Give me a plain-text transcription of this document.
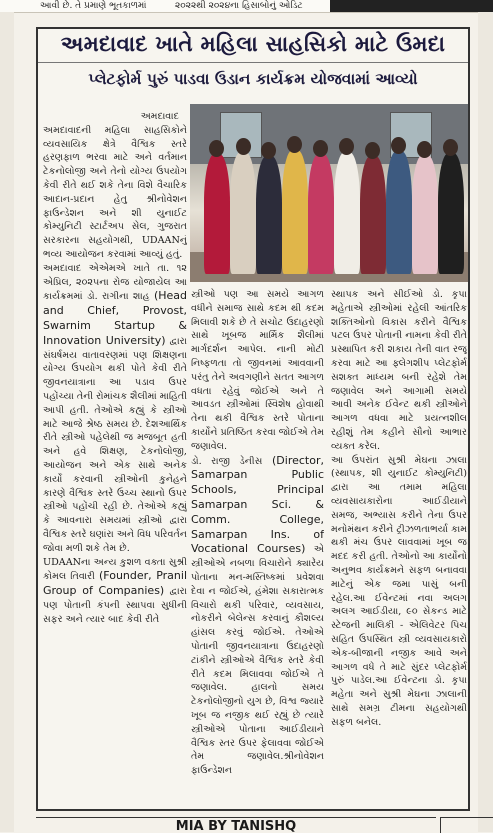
આવી છે. તે પ્રમાણે ભૂતકાળમાં	૨૦૨૨થી ૨૦૨૪ના હિસાબોનું ઓડિટ
અમદાવાદ ખાતે મહિલા સાહસિકો માટે ઉમદા
પ્લેટફોર્મ પુરું પાડવા ઉડાન કાર્યક્રમ યોજવામાં આવ્યો

અમદાવાદ

અમદાવાદની મહિલા સાહસિકોને વ્યવસાયિક ક્ષેત્રે વૈશ્વિક સ્તરે હરણફાળ ભરવા માટે અને વર્તમાન ટેકનોલોજી અને તેનો યોગ્ય ઉપયોગ કેવી રીતે થઈ શકે તેના વિશે વૈચારિક આદાન-પ્રદાન હેતુ શ્રીનોવેશન ફાઉન્ડેશન અને શી યુનાઈટ કોમ્યુનિટી સ્ટાર્ટઅપ સેલ, ગુજરાત સરકારના સહયોગથી, UDAANનું ભવ્ય આયોજન કરવામાં આવ્યું હતું.

અમદાવાદ એએમએ ખાતે તા. ૧૨ એપ્રિલ, ૨૦૨૫ના રોજ યોજાયેલ આ કાર્યક્રમમાં ડો. રાગીના શાહ (Head and Chief, Provost, Swarnim Startup & Innovation University) દ્વારા સંઘર્ષમય વાતાવરણમાં પણ શિક્ષણના યોગ્ય ઉપયોગ થકી પોતે કેવી રીતે જીવનયાત્રાના આ પડાવ ઉપર પહોંચ્યા તેની રોમાંચક શૈલીમાં માહિતી આપી હતી. તેઓએ કહ્યું કે સ્ત્રીઓ માટે આજે શ્રેષ્ઠ સમય છે. દેશઆર્થિક રીતે સ્ત્રીઓ પહેલેથી જ મજબૂત હતી અને હવે શિક્ષણ, ટેકનોલોજી, આયોજન અને એક સાથે અનેક કાર્યો કરવાની સ્ત્રીઓની કુનેહને કારણે વૈશ્વિક સ્તરે ઉચ્ચ સ્થાનો ઉપર સ્ત્રીઓ પહોંચી રહી છે. તેઓએ કહ્યું કે આવનારા સમયમાં સ્ત્રીઓ દ્વારા વૈશ્વિક સ્તરે ઘણાંરા અને વિધ પરિવર્તન જોવા મળી શકે તેમ છે.

UDAANના અન્ય કુશળ વક્તા સુશ્રી કોમલ તિવારી (Founder, Pranil Group of Companies) દ્વારા પણ પોતાની કંપની સ્થાપવા સુધીની સફર અને ત્યાર બાદ કેવી રીતે

સ્ત્રીઓ પણ આ સમયે આગળ વધીને સમાજ સાથે કદમ થી કદમ મિલાવી શકે છે તે સચોટ ઉદાહરણો સાથે ખૂબજ માર્મિક શૈલીમાં માર્ગદર્શન આપેલ. નાની મોટી નિષ્ફળતા તો જીવનમાં આવવાની પરંતુ તેને અવગણીને સતત આગળ વધતા રહેવું જોઈએ અને તે આવડત સ્ત્રીઓમાં સ્વિશેષ હોવાથી તેના થકી વૈશ્વિક સ્તરે પોતાના કાર્યોને પ્રતિષ્ઠિત કરવા જોઈએ તેમ જણાવેલ.

ડો. રાજી ડેનીસ (Director, Samarpan Public Schools, Principal Samarpan Sci. & Comm. College, Samarpan Ins. of Vocational Courses) એ સ્ત્રીઓએ નબળા વિચારોને ક્યારેય પોતાના મન-મસ્તિષ્કમાં પ્રવેશવા દેવા ન જોઈએ, હંમેશા સકારાત્મક વિચારો થકી પરિવાર, વ્યવસાય, નોકરીને બેલેન્સ કરવાનું કૌશલ્ય હાંસલ કરવું જોઈએ. તેઓએ પોતાની જીવનયાત્રાના ઉદાહરણો ટાંકીને સ્ત્રીઓએ વૈશ્વિક સ્તરે કેવી રીતે કદમ મિલાવવા જોઈએ તે જણાવેલ. હાલનો સમય ટેકનોલોજીનો યુગ છે, વિશ્વ જ્યારે ખૂબ જ નજીક થઈ રહ્યું છે ત્યારે સ્ત્રીઓએ પોતાના આઈડીયાને વૈશ્વિક સ્તર ઉપર ફેલાવવા જોઈએ તેમ જણાવેલ.શ્રીનોવેશન ફાઉન્ડેશન

સ્થાપક અને સીઈઓ ડો. કૃપા મહેતાએ સ્ત્રીઓમાં રહેલી આંતરિક શક્તિઓનો વિકાસ કરીને વૈશ્વિક પટલ ઉપર પોતાની નામના કેવી રીતે પ્રસ્થાપિત કરી શકાય તેની વાત રજૂ કરવા માટે આ ફ્લેગશીપ પ્લેટફોર્મ સશક્ત માધ્યમ બની રહેશે તેમ જણાવેલ અને આગામી સમયે આવી અનેક ઈવેન્ટ થકી સ્ત્રીઓને આગળ વધવા માટે પ્રયત્નશીલ રહીશું તેમ કહીને સૌનો આભાર વ્યક્ત કરેલ.

આ ઉપરાંત સુશ્રી મેઘના ઝાલા (સ્થાપક, શી યુનાઈટ કોમ્યુનિટી) દ્વારા આ તમામ મહિલા વ્યવસાયકારોના આઈડીયાને સમજ, અભ્યાસ કરીને તેના ઉપર મનોમંથન કરીને ટ્રીઝળતાભર્યા કામ થકી મંચ ઉપર લાવવામાં ખૂબ જ મદદ કરી હતી. તેઓનો આ કાર્યોનો અનુભવ કાર્યક્રમને સફળ બનાવવા માટેનું એક જમા પાસું બની રહેલ.આ ઈવેન્ટમાં નવા અલગ અલગ આઈડીયા, ૯૦ સેકન્ડ માટે સ્ટેજની માલિકી - એલિવેટર પિચ સહિત ઉપસ્થિત સ્ત્રી વ્યવસાયકારો એક-બીજાની નજીક આવે અને આગળ વધે તે માટે સુંદર પ્લેટફોર્મ પુરું પાડેલ.આ ઈવેન્ટના ડો. કૃપા મહેતા અને સુશ્રી મેઘના ઝાલાની સાથે સમગ્ર ટીમના સહયોગથી સફળ બનેલ.

MIA BY TANISHQ
